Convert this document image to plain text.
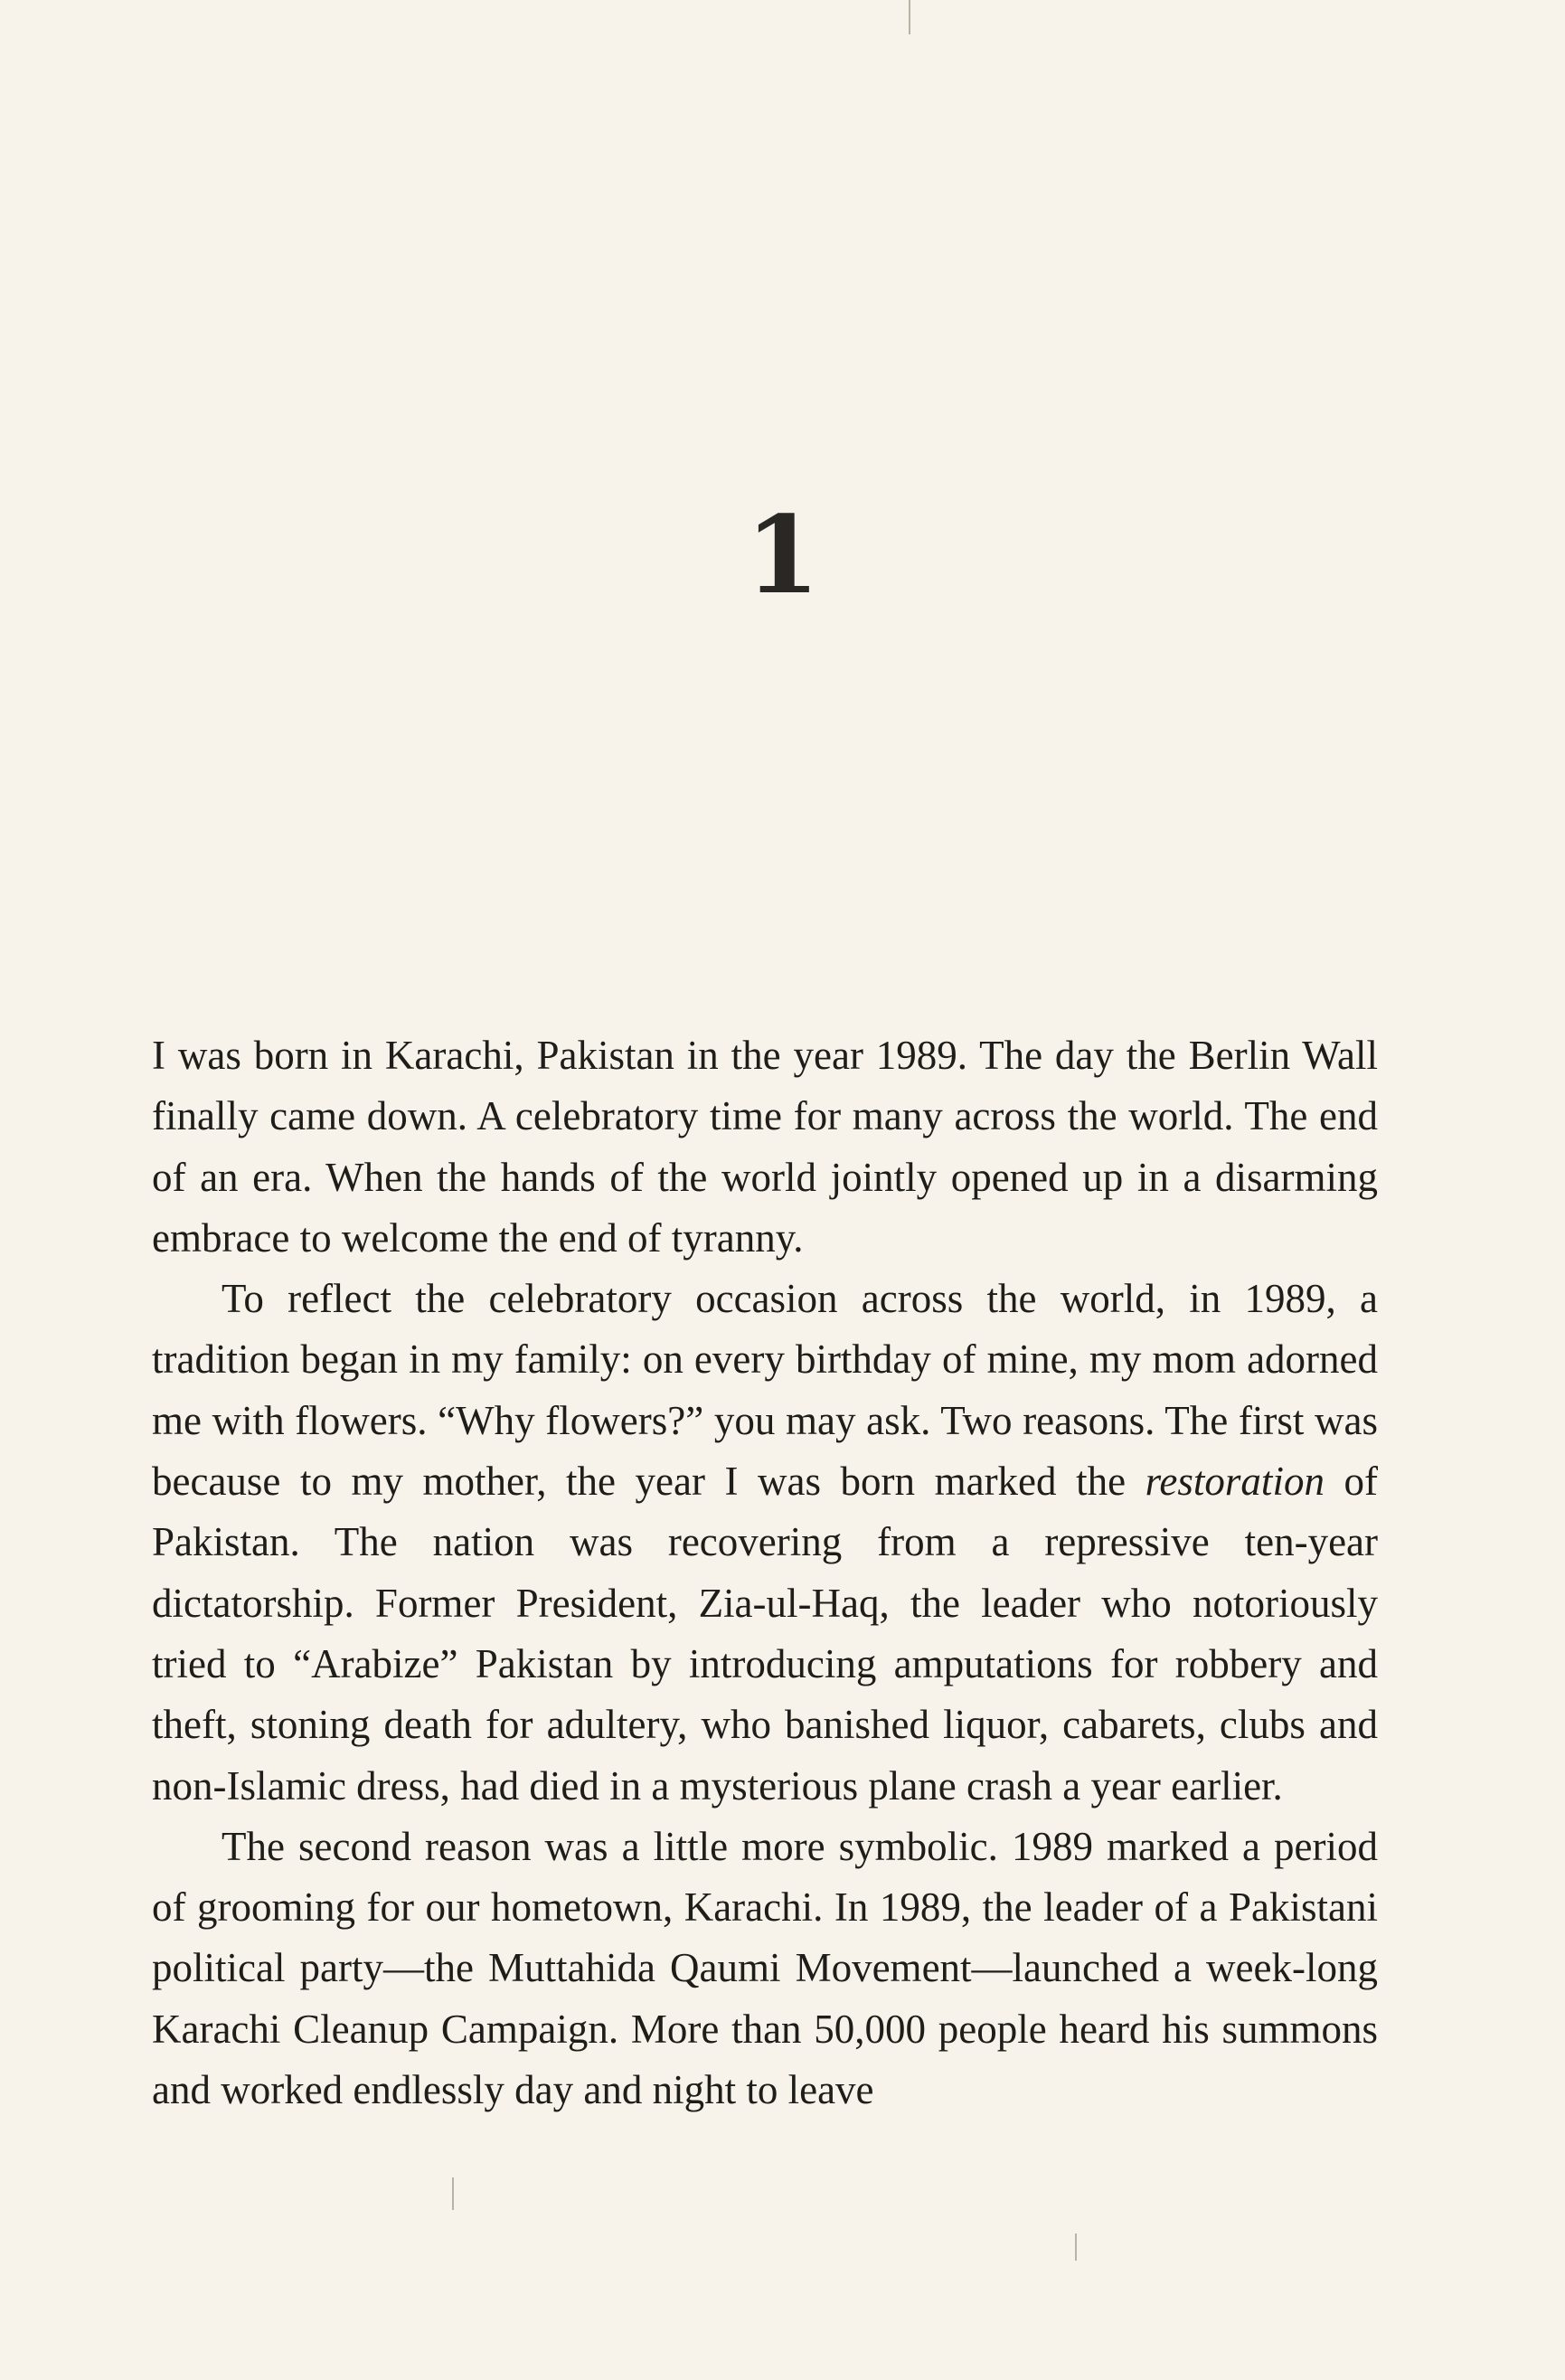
1

I was born in Karachi, Pakistan in the year 1989. The day the Berlin Wall finally came down. A celebratory time for many across the world. The end of an era. When the hands of the world jointly opened up in a disarming embrace to welcome the end of tyranny.

To reflect the celebratory occasion across the world, in 1989, a tradition began in my family: on every birthday of mine, my mom adorned me with flowers. “Why flowers?” you may ask. Two reasons. The first was because to my mother, the year I was born marked the restoration of Pakistan. The nation was recovering from a repressive ten-year dictatorship. Former President, Zia-ul-Haq, the leader who notoriously tried to “Arabize” Pakistan by introducing amputations for robbery and theft, stoning death for adultery, who banished liquor, cabarets, clubs and non-Islamic dress, had died in a mysterious plane crash a year earlier.

The second reason was a little more symbolic. 1989 marked a period of grooming for our hometown, Karachi. In 1989, the leader of a Pakistani political party—the Muttahida Qaumi Movement—launched a week-long Karachi Cleanup Campaign. More than 50,000 people heard his summons and worked endlessly day and night to leave
